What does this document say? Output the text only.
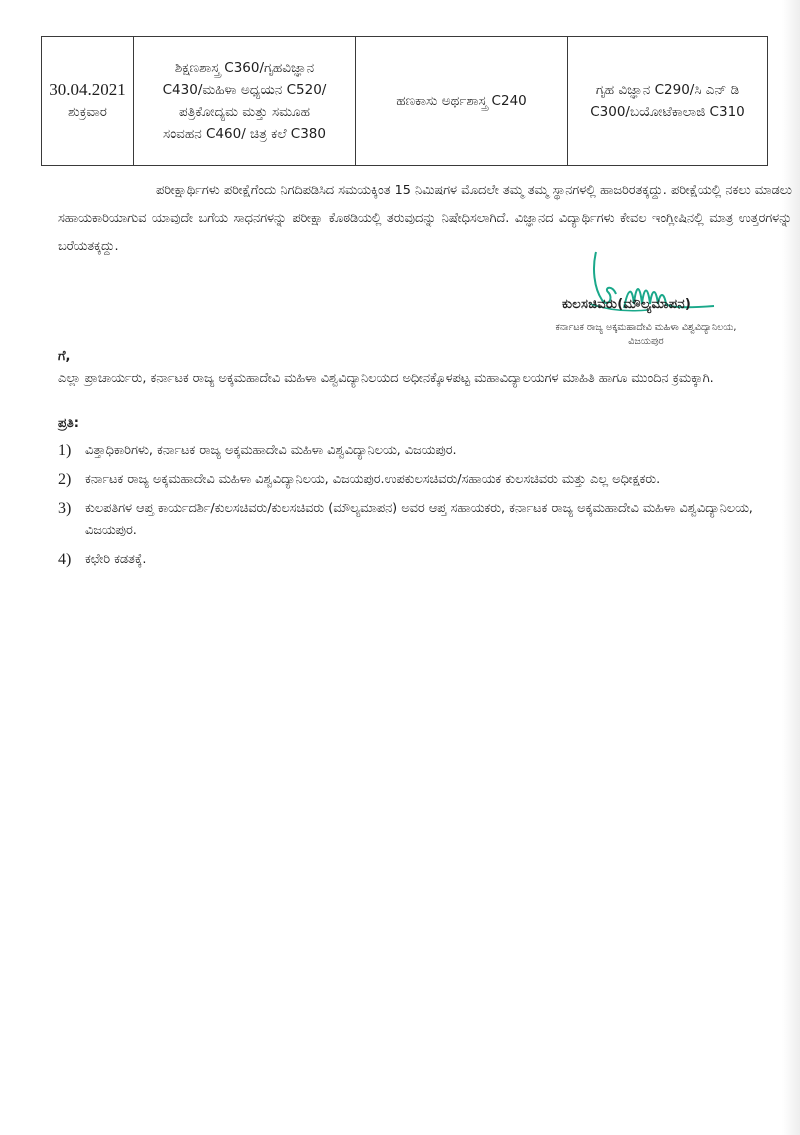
30.04.2021
ಶುಕ್ರವಾರ

ಶಿಕ್ಷಣಶಾಸ್ತ್ರ C360/ಗೃಹವಿಜ್ಞಾನ
C430/ಮಹಿಳಾ ಅಧ್ಯಯನ C520/
ಪತ್ರಿಕೋದ್ಯಮ ಮತ್ತು ಸಮೂಹ
ಸಂವಹನ C460/ ಚಿತ್ರ ಕಲೆ C380

ಹಣಕಾಸು ಅರ್ಥಶಾಸ್ತ್ರ C240

ಗೃಹ ವಿಜ್ಞಾನ C290/ಸಿ ಎನ್ ಡಿ
C300/ಬಯೋಟೆಕಾಲಾಜಿ C310
ಪರೀಕ್ಷಾರ್ಥಿಗಳು ಪರೀಕ್ಷೆಗೆಂದು ನಿಗದಿಪಡಿಸಿದ ಸಮಯಕ್ಕಿಂತ 15 ನಿಮಿಷಗಳ ಮೊದಲೇ ತಮ್ಮ ತಮ್ಮ ಸ್ಥಾನಗಳಲ್ಲಿ ಹಾಜರಿರತಕ್ಕದ್ದು. ಪರೀಕ್ಷೆಯಲ್ಲಿ ನಕಲು ಮಾಡಲು ಸಹಾಯಕಾರಿಯಾಗುವ ಯಾವುದೇ ಬಗೆಯ ಸಾಧನಗಳನ್ನು ಪರೀಕ್ಷಾ ಕೊಠಡಿಯಲ್ಲಿ ತರುವುದನ್ನು ನಿಷೇಧಿಸಲಾಗಿದೆ. ವಿಜ್ಞಾನದ ವಿದ್ಯಾರ್ಥಿಗಳು ಕೇವಲ ಇಂಗ್ಲೀಷಿನಲ್ಲಿ ಮಾತ್ರ ಉತ್ತರಗಳನ್ನು ಬರೆಯತಕ್ಕದ್ದು.
ಕುಲಸಚಿವರು(ಮೌಲ್ಯಮಾಪನ)
ಕರ್ನಾಟಕ ರಾಜ್ಯ ಅಕ್ಕಮಹಾದೇವಿ ಮಹಿಳಾ ವಿಶ್ವವಿದ್ಯಾನಿಲಯ,
ವಿಜಯಪುರ
ಗೆ,
ಎಲ್ಲಾ ಪ್ರಾಚಾರ್ಯರು, ಕರ್ನಾಟಕ ರಾಜ್ಯ ಅಕ್ಕಮಹಾದೇವಿ ಮಹಿಳಾ ವಿಶ್ವವಿದ್ಯಾನಿಲಯದ ಅಧೀನಕ್ಕೊಳಪಟ್ಟ ಮಹಾವಿದ್ಯಾಲಯಗಳ ಮಾಹಿತಿ ಹಾಗೂ ಮುಂದಿನ ಕ್ರಮಕ್ಕಾಗಿ.
ಪ್ರತಿ:
1)	ವಿತ್ತಾಧಿಕಾರಿಗಳು, ಕರ್ನಾಟಕ ರಾಜ್ಯ ಅಕ್ಕಮಹಾದೇವಿ ಮಹಿಳಾ ವಿಶ್ವವಿದ್ಯಾನಿಲಯ, ವಿಜಯಪುರ.
2)	ಕರ್ನಾಟಕ ರಾಜ್ಯ ಅಕ್ಕಮಹಾದೇವಿ ಮಹಿಳಾ ವಿಶ್ವವಿದ್ಯಾನಿಲಯ, ವಿಜಯಪುರ.ಉಪಕುಲಸಚಿವರು/ಸಹಾಯಕ ಕುಲಸಚಿವರು ಮತ್ತು ಎಲ್ಲ ಅಧೀಕ್ಷಕರು.
3)	ಕುಲಪತಿಗಳ ಆಪ್ತ ಕಾರ್ಯದರ್ಶಿ/ಕುಲಸಚಿವರು/ಕುಲಸಚಿವರು (ಮೌಲ್ಯಮಾಪನ) ಅವರ ಆಪ್ತ ಸಹಾಯಕರು, ಕರ್ನಾಟಕ ರಾಜ್ಯ ಅಕ್ಕಮಹಾದೇವಿ ಮಹಿಳಾ ವಿಶ್ವವಿದ್ಯಾನಿಲಯ, ವಿಜಯಪುರ.
4)	ಕಛೇರಿ ಕಡತಕ್ಕೆ.
